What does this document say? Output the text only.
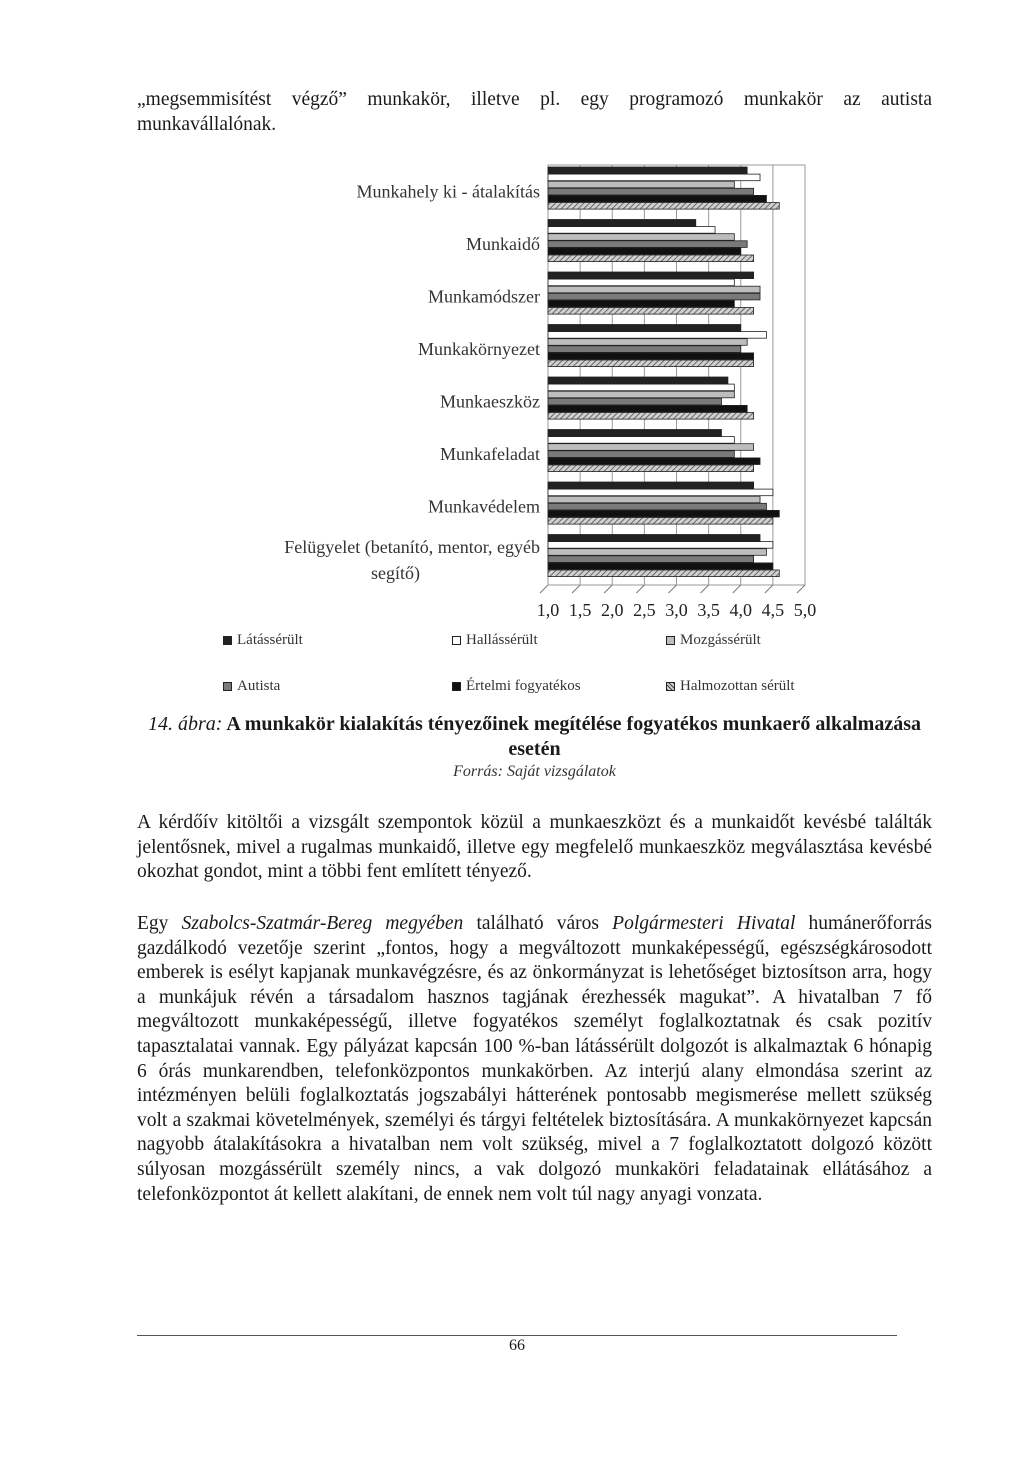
„megsemmisítést végző” munkakör, illetve pl. egy programozó munkakör az autista munkavállalónak.

1,0 1,5 2,0 2,5 3,0 3,5 4,0 4,5 5,0
Munkahely ki - átalakítás
Munkaidő
Munkamódszer
Munkakörnyezet
Munkaeszköz
Munkafeladat
Munkavédelem
Felügyelet (betanító, mentor, egyéb
segítő)
Látássérült	Hallássérült	Mozgássérült
Autista	Értelmi fogyatékos	Halmozottan sérült
14. ábra: A munkakör kialakítás tényezőinek megítélése fogyatékos munkaerő alkalmazása esetén
Forrás: Saját vizsgálatok

A kérdőív kitöltői a vizsgált szempontok közül a munkaeszközt és a munkaidőt kevésbé találták jelentősnek, mivel a rugalmas munkaidő, illetve egy megfelelő munkaeszköz megválasztása kevésbé okozhat gondot, mint a többi fent említett tényező.

Egy Szabolcs-Szatmár-Bereg megyében található város Polgármesteri Hivatal humánerőforrás gazdálkodó vezetője szerint „fontos, hogy a megváltozott munkaképességű, egészségkárosodott emberek is esélyt kapjanak munkavégzésre, és az önkormányzat is lehetőséget biztosítson arra, hogy a munkájuk révén a társadalom hasznos tagjának érezhessék magukat”. A hivatalban 7 fő megváltozott munkaképességű, illetve fogyatékos személyt foglalkoztatnak és csak pozitív tapasztalatai vannak. Egy pályázat kapcsán 100 %-ban látássérült dolgozót is alkalmaztak 6 hónapig 6 órás munkarendben, telefonközpontos munkakörben. Az interjú alany elmondása szerint az intézményen belüli foglalkoztatás jogszabályi hátterének pontosabb megismerése mellett szükség volt a szakmai követelmények, személyi és tárgyi feltételek biztosítására. A munkakörnyezet kapcsán nagyobb átalakításokra a hivatalban nem volt szükség, mivel a 7 foglalkoztatott dolgozó között súlyosan mozgássérült személy nincs, a vak dolgozó munkaköri feladatainak ellátásához a telefonközpontot át kellett alakítani, de ennek nem volt túl nagy anyagi vonzata.

66
